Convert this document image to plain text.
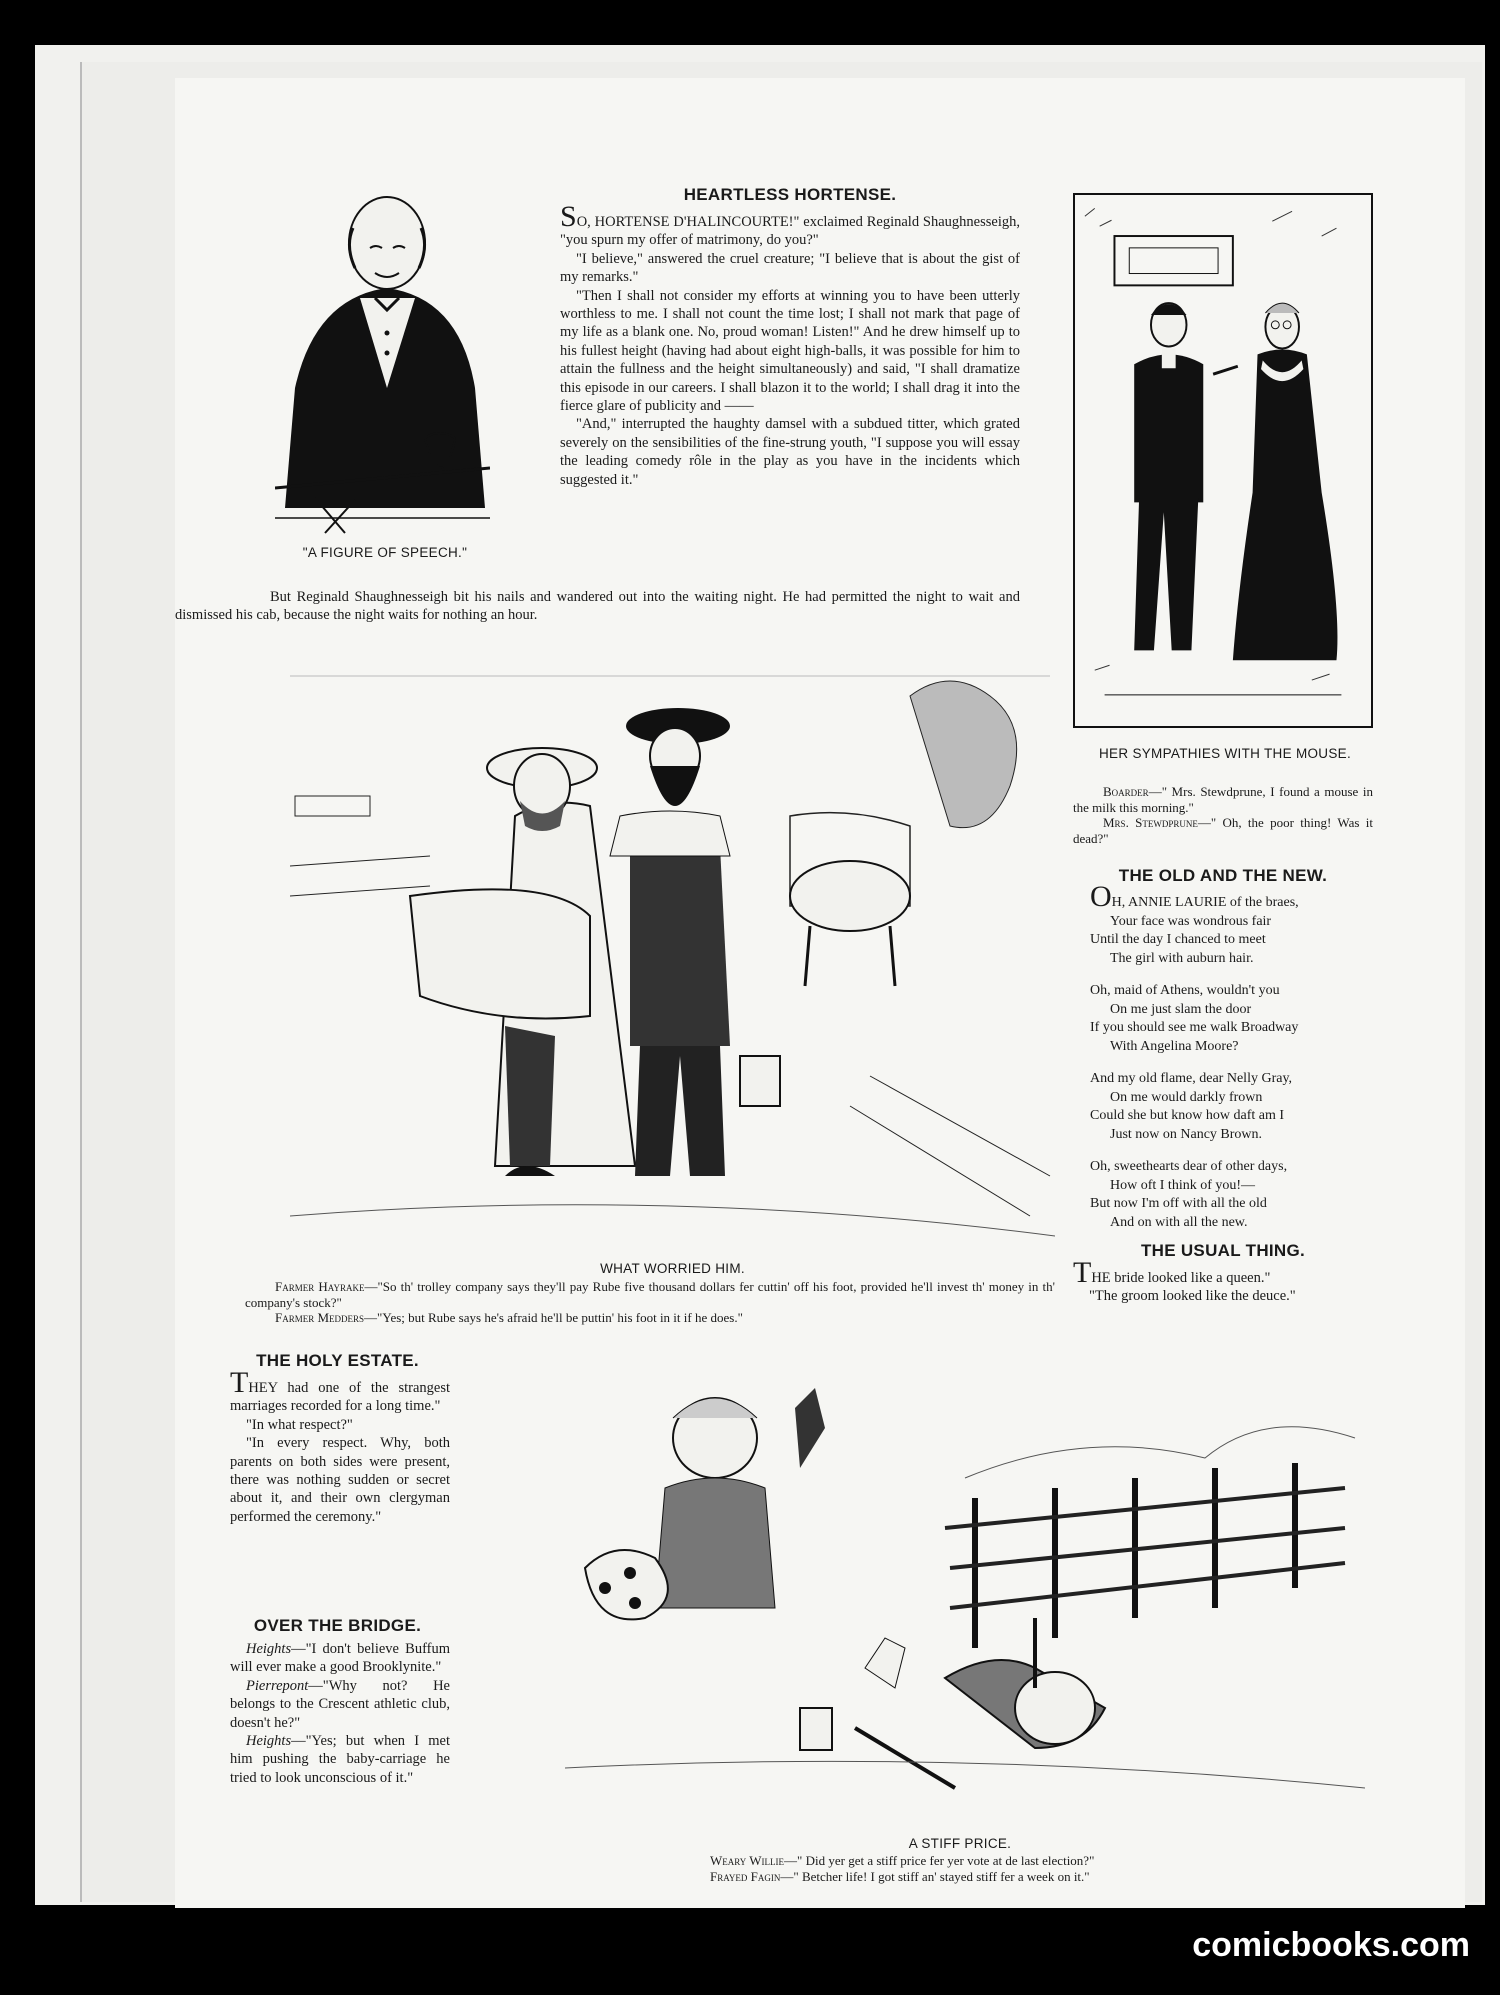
"A FIGURE OF SPEECH."
HEARTLESS HORTENSE.

SO, HORTENSE D'HALINCOURTE!" exclaimed Reginald Shaughnesseigh, "you spurn my offer of matrimony, do you?"

"I believe," answered the cruel creature; "I believe that is about the gist of my remarks."

"Then I shall not consider my efforts at winning you to have been utterly worthless to me. I shall not count the time lost; I shall not mark that page of my life as a blank one. No, proud woman! Listen!" And he drew himself up to his fullest height (having had about eight high-balls, it was possible for him to attain the fullness and the height simultaneously) and said, "I shall dramatize this episode in our careers. I shall blazon it to the world; I shall drag it into the fierce glare of publicity and ——

"And," interrupted the haughty damsel with a subdued titter, which grated severely on the sensibilities of the fine-strung youth, "I suppose you will essay the leading comedy rôle in the play as you have in the incidents which suggested it."

But Reginald Shaughnesseigh bit his nails and wandered out into the waiting night. He had permitted the night to wait and dismissed his cab, because the night waits for nothing an hour.

HER SYMPATHIES WITH THE MOUSE.
Boarder—" Mrs. Stewdprune, I found a mouse in the milk this morning."
Mrs. Stewdprune—" Oh, the poor thing! Was it dead?"
THE OLD AND THE NEW.

OH, ANNIE LAURIE of the braes,

Your face was wondrous fair

Until the day I chanced to meet

The girl with auburn hair.

Oh, maid of Athens, wouldn't you

On me just slam the door

If you should see me walk Broadway

With Angelina Moore?

And my old flame, dear Nelly Gray,

On me would darkly frown

Could she but know how daft am I

Just now on Nancy Brown.

Oh, sweethearts dear of other days,

How oft I think of you!—

But now I'm off with all the old

And on with all the new.

THE USUAL THING.

THE bride looked like a queen."

"The groom looked like the deuce."

WHAT WORRIED HIM.
Farmer Hayrake—"So th' trolley company says they'll pay Rube five thousand dollars fer cuttin' off his foot, provided he'll invest th' money in th' company's stock?"
Farmer Medders—"Yes; but Rube says he's afraid he'll be puttin' his foot in it if he does."
THE HOLY ESTATE.

THEY had one of the strangest marriages recorded for a long time."

"In what respect?"

"In every respect. Why, both parents on both sides were present, there was nothing sudden or secret about it, and their own clergyman performed the ceremony."

OVER THE BRIDGE.

Heights—"I don't believe Buffum will ever make a good Brooklynite."

Pierrepont—"Why not? He belongs to the Crescent athletic club, doesn't he?"

Heights—"Yes; but when I met him pushing the baby-carriage he tried to look unconscious of it."

A STIFF PRICE.
Weary Willie—" Did yer get a stiff price fer yer vote at de last election?"
Frayed Fagin—" Betcher life! I got stiff an' stayed stiff fer a week on it."
comicbooks.com
